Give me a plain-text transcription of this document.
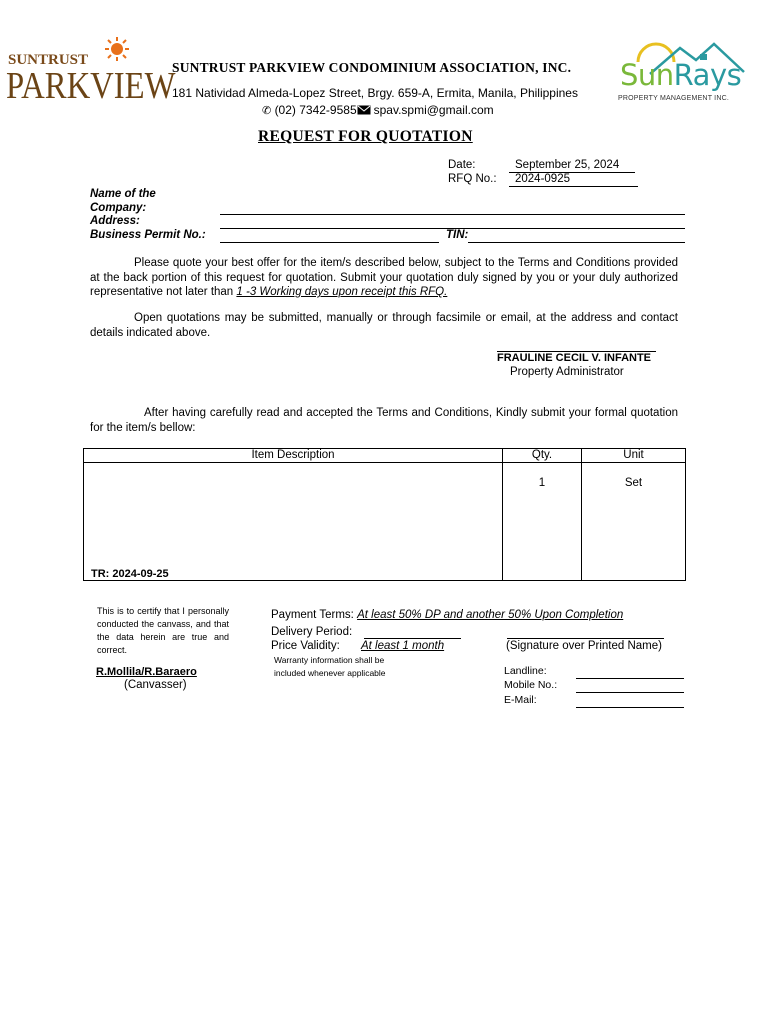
SUNTRUST
PARKVIEW
SUNTRUST PARKVIEW CONDOMINIUM ASSOCIATION, INC.
181 Natividad Almeda-Lopez Street, Brgy. 659-A, Ermita, Manila, Philippines
✆ (02) 7342-9585 spav.spmi@gmail.com
SunRays
PROPERTY MANAGEMENT INC.
REQUEST FOR QUOTATION
Date:	September 25, 2024
RFQ No.: 2024-0925
Name of the
Company:
Address:
Business Permit No.:	TIN:
Please quote your best offer for the item/s described below, subject to the Terms and Conditions provided at the back portion of this request for quotation. Submit your quotation duly signed by you or your duly authorized representative not later than 1 -3 Working days upon receipt this RFQ.
Open quotations may be submitted, manually or through facsimile or email, at the address and contact details indicated above.
FRAULINE CECIL V. INFANTE
Property Administrator
After having carefully read and accepted the Terms and Conditions, Kindly submit your formal quotation for the item/s bellow:
Item Description	Qty.	Unit

TR: 2024-09-25	1	Set
This is to certify that I personally conducted the canvass, and that the data herein are true and correct.
R.Mollila/R.Baraero
(Canvasser)
Payment Terms: At least 50% DP and another 50% Upon Completion
Delivery Period:
Price Validity: At least 1 month
Warranty information shall be
included whenever applicable
(Signature over Printed Name)
Landline:
Mobile No.:
E-Mail:
